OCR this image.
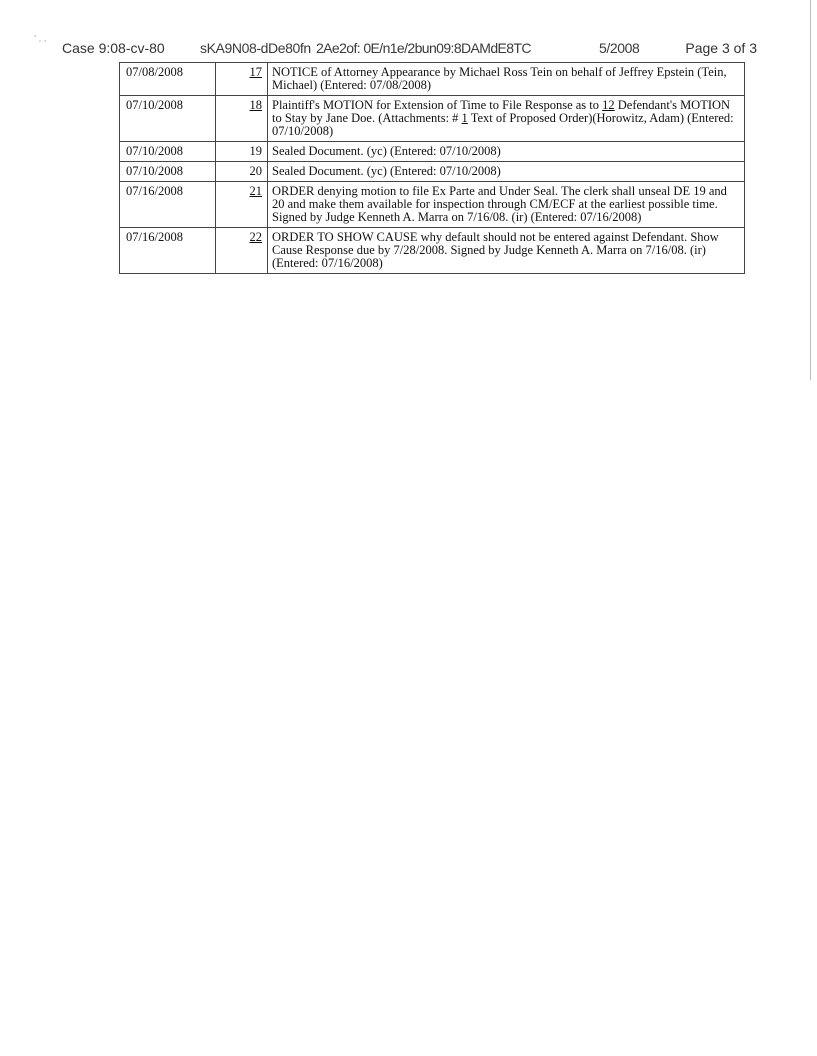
' , ,
Case 9:08-cv-80	sKA9N08-dDe80fn 2Ae2of: 0E/n1e/2bun09:8DAMdE8TC	5/2008	Page 3 of 3
07/08/2008	17	NOTICE of Attorney Appearance by Michael Ross Tein on behalf of Jeffrey Epstein (Tein, Michael) (Entered: 07/08/2008)
07/10/2008	18	Plaintiff's MOTION for Extension of Time to File Response as to 12 Defendant's MOTION to Stay by Jane Doe. (Attachments: # 1 Text of Proposed Order)(Horowitz, Adam) (Entered: 07/10/2008)
07/10/2008	19	Sealed Document. (yc) (Entered: 07/10/2008)
07/10/2008	20	Sealed Document. (yc) (Entered: 07/10/2008)
07/16/2008	21	ORDER denying motion to file Ex Parte and Under Seal. The clerk shall unseal DE 19 and 20 and make them available for inspection through CM/ECF at the earliest possible time. Signed by Judge Kenneth A. Marra on 7/16/08. (ir) (Entered: 07/16/2008)
07/16/2008	22	ORDER TO SHOW CAUSE why default should not be entered against Defendant. Show Cause Response due by 7/28/2008. Signed by Judge Kenneth A. Marra on 7/16/08. (ir) (Entered: 07/16/2008)
